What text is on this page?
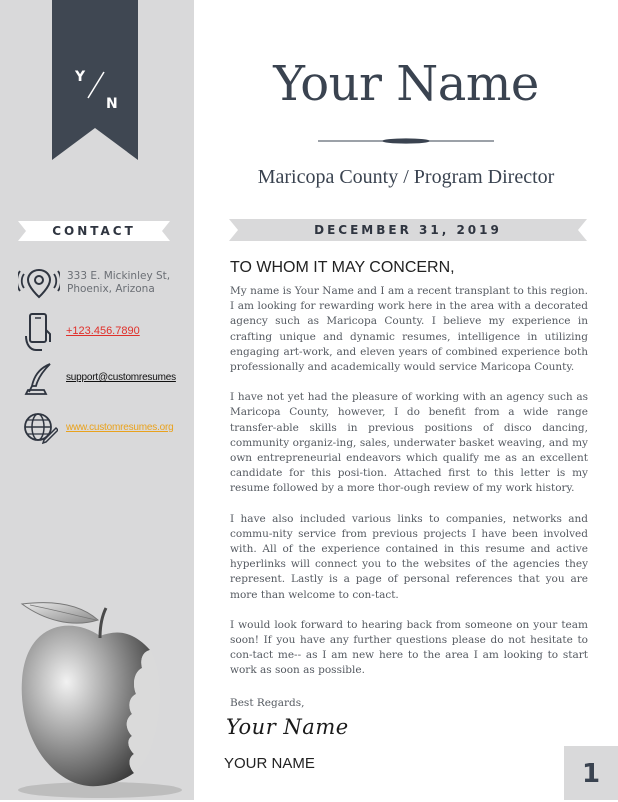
Y
N
CONTACT
333 E. Mickinley St,
Phoenix, Arizona
+123.456.7890
support@customresumes
www.customresumes.org
Your Name
Maricopa County / Program Director
DECEMBER 31, 2019
TO WHOM IT MAY CONCERN,

My name is Your Name and I am a recent transplant to this region. I am looking for rewarding work here in the area with a decorated agency such as Maricopa County. I believe my experience in crafting unique and dynamic resumes, intelligence in utilizing engaging art-work, and eleven years of combined experience both professionally and academically would service Maricopa County.

I have not yet had the pleasure of working with an agency such as Maricopa County, however, I do benefit from a wide range transfer-able skills in previous positions of disco dancing, community organiz-ing, sales, underwater basket weaving, and my own entrepreneurial endeavors which qualify me as an excellent candidate for this posi-tion. Attached first to this letter is my resume followed by a more thor-ough review of my work history.

I have also included various links to companies, networks and commu-nity service from previous projects I have been involved with. All of the experience contained in this resume and active hyperlinks will connect you to the websites of the agencies they represent. Lastly is a page of personal references that you are more than welcome to con-tact.

I would look forward to hearing back from someone on your team soon! If you have any further questions please do not hesitate to con-tact me-- as I am new here to the area I am looking to start work as soon as possible.

Best Regards,
Your Name
YOUR NAME	1
